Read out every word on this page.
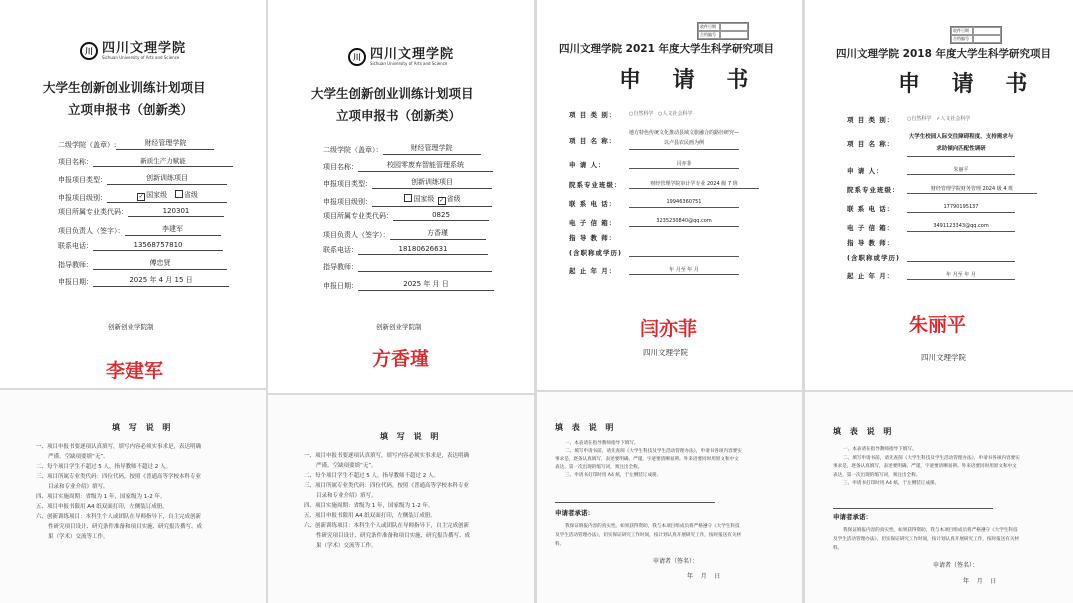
川 四川文理学院
Sichuan University of Arts and Science
大学生创新创业训练计划项目
立项申报书（创新类）
二级学院（盖章）:	财经管理学院
项目名称：	新质生产力赋能
申报项目类型：	创新训练项目
申报项目级别：	✓ 国家级 省级
项目所属专业类代码：	120301
项目负责人（签字）：	李建军
联系电话：	13568757810
指导教师：	傅忠贤
申报日期：	2025 年 4 月 15 日
创新创业学院制
李建军
川 四川文理学院
Sichuan University of Arts and Science
大学生创新创业训练计划项目
立项申报书（创新类）
二级学院（盖章）：	财经管理学院
项目名称：	校园零废弃智能管理系统
申报项目类型：	创新训练项目
申报项目级别：	国家级 ✓ 省级
项目所属专业类代码：	0825
项目负责人（签字）：	方香瑾
联系电话：	18180626631
指导教师：
申报日期：	2025 年 月 日
创新创业学院制
方香瑾
收件日期
合档编号
四川文理学院 2021 年度大学生科学研究项目
申 请 书
项 目 类 别：	○自然科学   ○人文社会科学
项 目 名 称：
地方特色传统文化推动县域文旅融合的路径研究—以卢县农民画为例
申 请 人：	闫亦菲
院系专业班级：	财经管理学院审计学专业 2024 级 7 班
联 系 电 话：	19946360751
电 子 信 箱：	3235230840@qq.com
指 导 教 师：
(含职称或学历)
起 止 年 月：	年 月至 年 月
闫亦菲
四川文理学院
收件日期
合档编号
四川文理学院 2018 年度大学生科学研究项目
申 请 书
项 目 类 别：	○自然科学   ✓人文社会科学
项 目 名 称：
大学生校园人际交往障碍程度、支持需求与求助倾向匹配性调研
申 请 人：	朱丽平
院系专业班级：	财经管理学院财务管理 2024 级 4 班
联 系 电 话：	17790195137
电 子 信 箱：	3491123343@qq.com
指 导 教 师：
(含职称或学历)
起 止 年 月：	年 月至 年 月
朱丽平
四川文理学院
填 写 说 明
一、项目申报书要逐项认真填写，填写内容必须实事求是，表达明确
严谨。空缺项要填“无”。
二、每个项目学生不超过 5 人，指导教师不超过 2 人。
三、项目所属专业类代码：四位代码，按照《普通高等学校本科专业
目录和专业介绍》填写。
四、项目实施周期：省级为 1 年，国家级为 1-2 年。
五、项目申报书限用 A4 纸双面打印，左侧装订成册。
六、创新训练项目：本科生个人或团队在导师指导下，自主完成创新
性研究项目设计、研究条件准备和项目实施、研究报告撰写、成
果（学术）交流等工作。
填 写 说 明
一、项目申报书要逐项认真填写，填写内容必须实事求是，表达明确
严谨。空缺项要填“无”。
二、每个项目学生不超过 5 人，指导教师不超过 2 人。
三、项目所属专业类代码：四位代码，按照《普通高等学校本科专业
目录和专业介绍》填写。
四、项目实施周期：省级为 1 年，国家级为 1-2 年。
五、项目申报书限用 A4 纸双面打印，左侧装订成册。
六、创新训练项目：本科生个人或团队在导师指导下，自主完成创新
性研究项目设计、研究条件准备和项目实施、研究报告撰写、成
果（学术）交流等工作。
填 表 说 明
一、本表请在指导教师指导下填写。
二、填写申请书前，请先查阅《大学生科技及学生活动管理办法》，申请书各项内容要实
事求是，逐条认真填写，表述要明确、严谨，字迹要清晰易辨。外来语要同时用原文和中文
表达，第一次出现的缩写词，须注出全称。
三、申请书打印时用 A4 纸，于左侧装订成册。
申请者承诺：
我保证填报内容的真实性。如果获得资助，我与本项目组成员将严格遵守《大学生科技
及学生活动管理办法》，切实保证研究工作时间，按计划认真开展研究工作，按时报送有关材
料。
申请者（签名）：
年    月    日
填 表 说 明
一、本表请在指导教师指导下填写。
二、填写申请书前，请先查阅《大学生科技及学生活动管理办法》，申请书各项内容要实
事求是，逐条认真填写，表述要明确、严谨，字迹要清晰易辨。外来语要同时用原文和中文
表达，第一次出现的缩写词，须注出全称。
三、申请书打印时用 A4 纸，于左侧装订成册。
申请者承诺：
我保证填报内容的真实性。如果获得资助，我与本项目组成员将严格遵守《大学生科技
及学生活动管理办法》，切实保证研究工作时间，按计划认真开展研究工作，按时报送有关材
料。
申请者（签名）：
年    月    日
